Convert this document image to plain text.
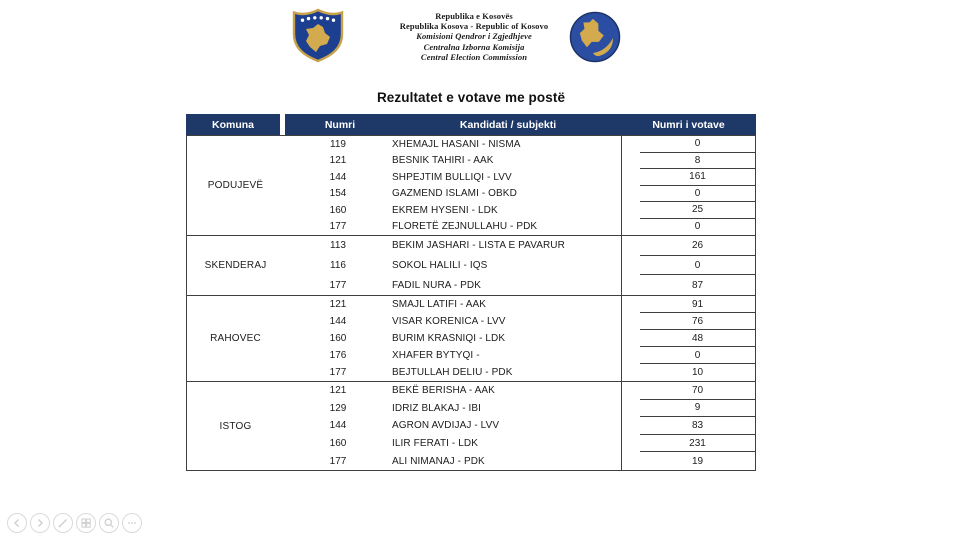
Republika e Kosovës
Republika Kosova - Republic of Kosovo
Komisioni Qendror i Zgjedhjeve
Centralna Izborna Komisija
Central Election Commission
Rezultatet e votave me postë
Komuna	Numri	Kandidati / subjekti	Numri i votave
PODUJEVË
119	XHEMAJL HASANI - NISMA	0
121	BESNIK TAHIRI - AAK	8
144	SHPEJTIM BULLIQI - LVV	161
154	GAZMEND ISLAMI - OBKD	0
160	EKREM HYSENI - LDK	25
177	FLORETË ZEJNULLAHU - PDK	0
SKENDERAJ
113	BEKIM JASHARI - LISTA E PAVARUR	26
116	SOKOL HALILI - IQS	0
177	FADIL NURA - PDK	87
RAHOVEC
121	SMAJL LATIFI - AAK	91
144	VISAR KORENICA - LVV	76
160	BURIM KRASNIQI - LDK	48
176	XHAFER BYTYQI -	0
177	BEJTULLAH DELIU - PDK	10
ISTOG
121	BEKË BERISHA - AAK	70
129	IDRIZ BLAKAJ - IBI	9
144	AGRON AVDIJAJ - LVV	83
160	ILIR FERATI - LDK	231
177	ALI NIMANAJ - PDK	19
